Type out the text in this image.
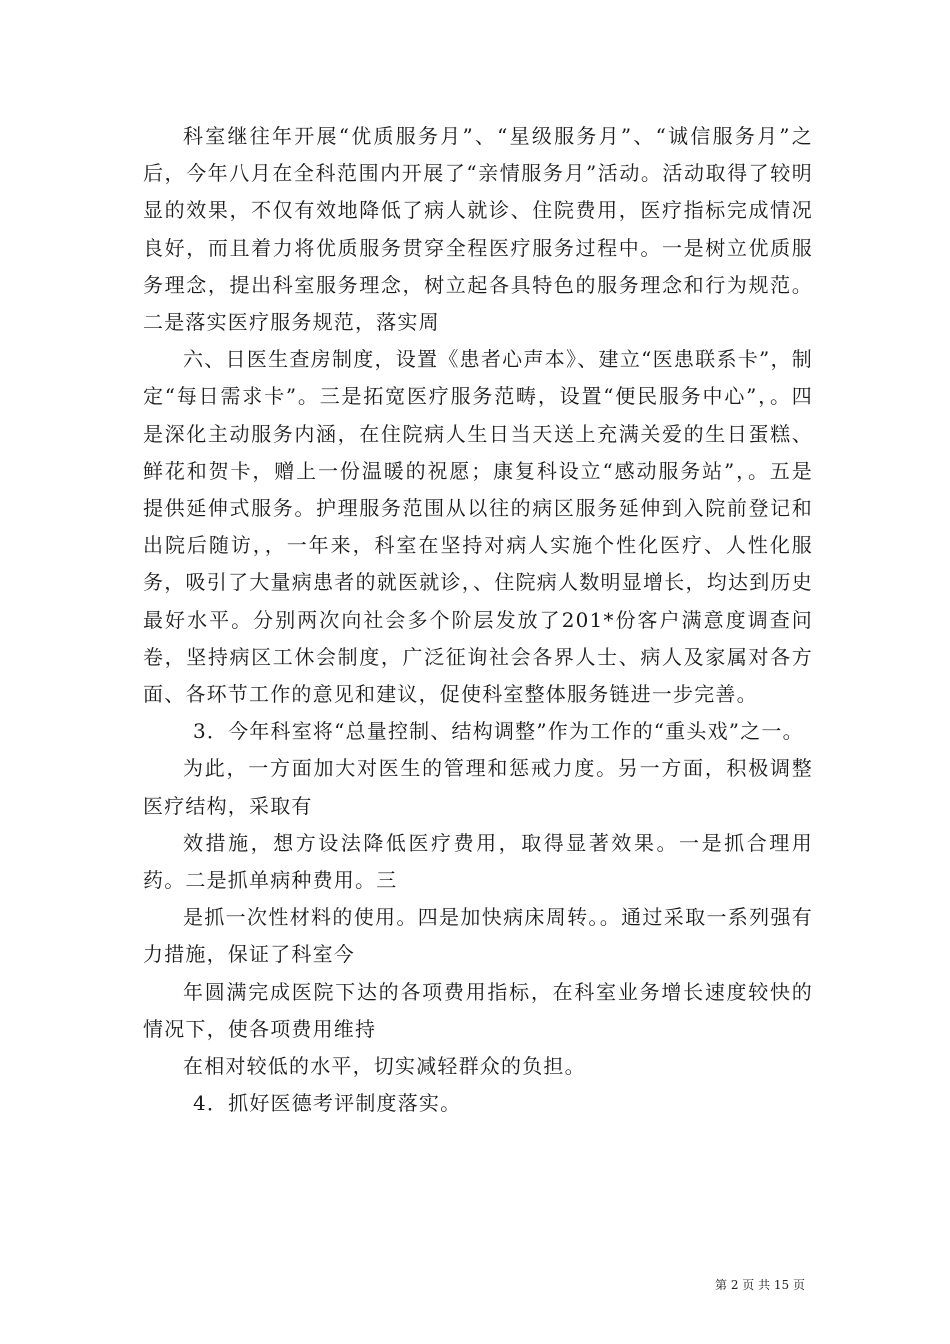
科室继往年开展“优质服务月”、“星级服务月”、“诚信服务月”之后，今年八月在全科范围内开展了“亲情服务月”活动。活动取得了较明显的效果，不仅有效地降低了病人就诊、住院费用，医疗指标完成情况良好，而且着力将优质服务贯穿全程医疗服务过程中。一是树立优质服务理念，提出科室服务理念，树立起各具特色的服务理念和行为规范。二是落实医疗服务规范，落实周

六、日医生查房制度，设置《患者心声本》、建立“医患联系卡”，制定“每日需求卡”。三是拓宽医疗服务范畴，设置“便民服务中心”，。四是深化主动服务内涵，在住院病人生日当天送上充满关爱的生日蛋糕、鲜花和贺卡，赠上一份温暖的祝愿；康复科设立“感动服务站”，。五是提供延伸式服务。护理服务范围从以往的病区服务延伸到入院前登记和出院后随访，，一年来，科室在坚持对病人实施个性化医疗、人性化服务，吸引了大量病患者的就医就诊，、住院病人数明显增长，均达到历史最好水平。分别两次向社会多个阶层发放了201*份客户满意度调查问卷，坚持病区工休会制度，广泛征询社会各界人士、病人及家属对各方面、各环节工作的意见和建议，促使科室整体服务链进一步完善。

3．今年科室将“总量控制、结构调整”作为工作的“重头戏”之一。

为此，一方面加大对医生的管理和惩戒力度。另一方面，积极调整医疗结构，采取有

效措施，想方设法降低医疗费用，取得显著效果。一是抓合理用药。二是抓单病种费用。三

是抓一次性材料的使用。四是加快病床周转。。通过采取一系列强有力措施，保证了科室今

年圆满完成医院下达的各项费用指标，在科室业务增长速度较快的情况下，使各项费用维持

在相对较低的水平，切实减轻群众的负担。

4．抓好医德考评制度落实。

第 2 页 共 15 页
